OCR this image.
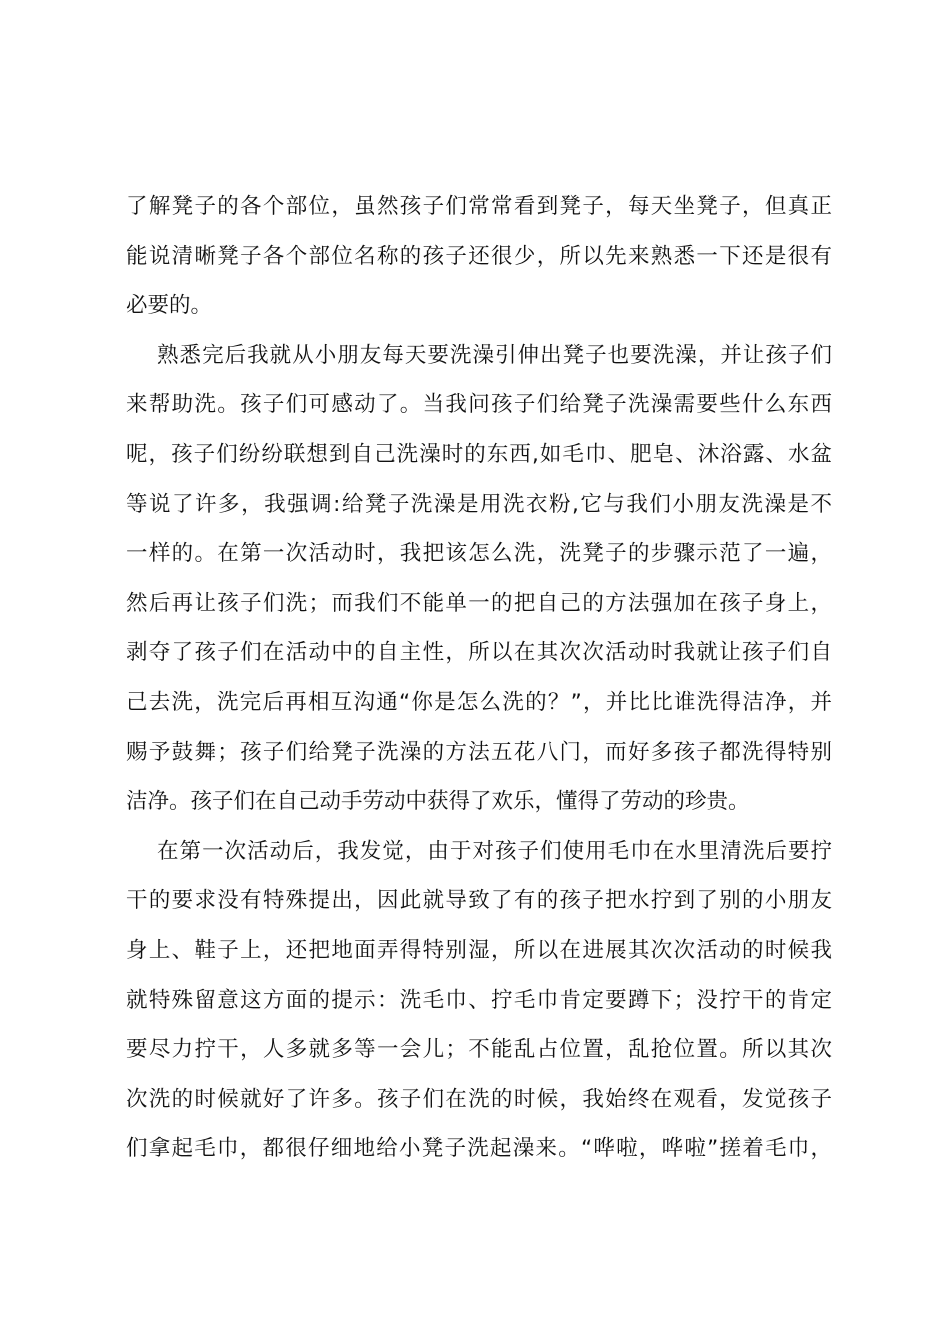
了解凳子的各个部位，虽然孩子们常常看到凳子，每天坐凳子，但真正
能说清晰凳子各个部位名称的孩子还很少，所以先来熟悉一下还是很有
必要的。
熟悉完后我就从小朋友每天要洗澡引伸出凳子也要洗澡，并让孩子们
来帮助洗。孩子们可感动了。当我问孩子们给凳子洗澡需要些什么东西
呢，孩子们纷纷联想到自己洗澡时的东西,如毛巾、肥皂、沐浴露、水盆
等说了许多，我强调:给凳子洗澡是用洗衣粉,它与我们小朋友洗澡是不
一样的。在第一次活动时，我把该怎么洗，洗凳子的步骤示范了一遍，
然后再让孩子们洗；而我们不能单一的把自己的方法强加在孩子身上，
剥夺了孩子们在活动中的自主性，所以在其次次活动时我就让孩子们自
己去洗，洗完后再相互沟通“你是怎么洗的？”，并比比谁洗得洁净，并
赐予鼓舞；孩子们给凳子洗澡的方法五花八门，而好多孩子都洗得特别
洁净。孩子们在自己动手劳动中获得了欢乐，懂得了劳动的珍贵。
在第一次活动后，我发觉，由于对孩子们使用毛巾在水里清洗后要拧
干的要求没有特殊提出，因此就导致了有的孩子把水拧到了别的小朋友
身上、鞋子上，还把地面弄得特别湿，所以在进展其次次活动的时候我
就特殊留意这方面的提示：洗毛巾、拧毛巾肯定要蹲下；没拧干的肯定
要尽力拧干，人多就多等一会儿；不能乱占位置，乱抢位置。所以其次
次洗的时候就好了许多。孩子们在洗的时候，我始终在观看，发觉孩子
们拿起毛巾，都很仔细地给小凳子洗起澡来。“哗啦，哗啦”搓着毛巾，
